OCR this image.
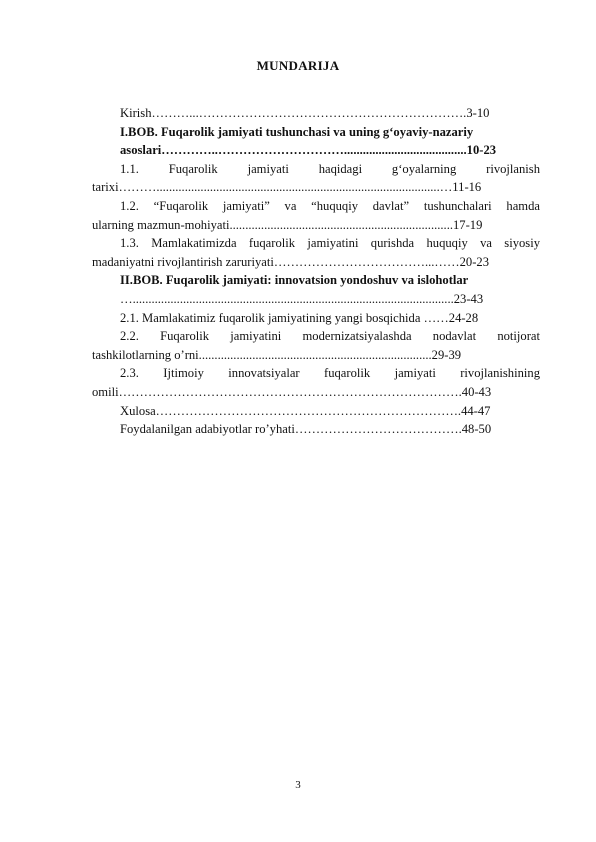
MUNDARIJA
Kirish………...……………………………………………………….3-10
I.BOB. Fuqarolik jamiyati tushunchasi va uning g‘oyaviy-nazariy
asoslari…………..………………………….......................................10-23
1.1. Fuqarolik jamiyati haqidagi g‘oyalarning rivojlanish
tarixi………..........................................................................................…11-16
1.2. “Fuqarolik jamiyati” va “huquqiy davlat” tushunchalari hamda
ularning mazmun-mohiyati.......................................................................17-19
1.3. Mamlakatimizda fuqarolik jamiyatini qurishda huquqiy va siyosiy
madaniyatni rivojlantirish zaruriyati………………………………...……20-23
II.BOB. Fuqarolik jamiyati: innovatsion yondoshuv va islohotlar
…......................................................................................................23-43
2.1. Mamlakatimiz fuqarolik jamiyatining yangi bosqichida ……24-28
2.2. Fuqarolik jamiyatini modernizatsiyalashda nodavlat notijorat
tashkilotlarning o’rni..........................................................................29-39
2.3. Ijtimoiy innovatsiyalar fuqarolik jamiyati rivojlanishining
omili……………………………………………………………………….40-43
Xulosa……………………………………………………………….44-47
Foydalanilgan adabiyotlar ro’yhati………………………………….48-50
3
